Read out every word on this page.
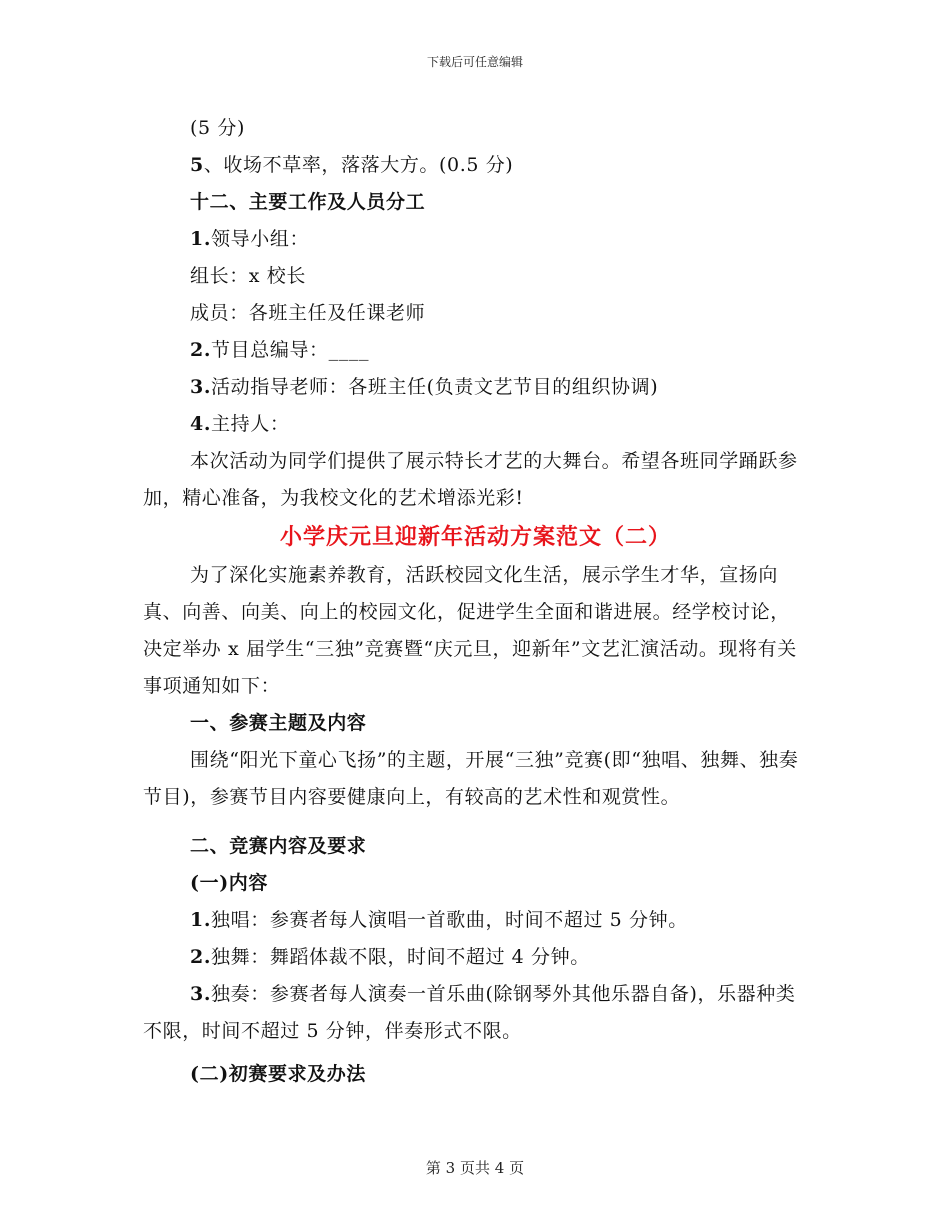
下载后可任意编辑

(5 分)

5、收场不草率，落落大方。(0.5 分)

十二、主要工作及人员分工

1.领导小组：

组长：x 校长

成员：各班主任及任课老师

2.节目总编导：____

3.活动指导老师：各班主任(负责文艺节目的组织协调)

4.主持人：

本次活动为同学们提供了展示特长才艺的大舞台。希望各班同学踊跃参加，精心准备，为我校文化的艺术增添光彩!

小学庆元旦迎新年活动方案范文（二）

为了深化实施素养教育，活跃校园文化生活，展示学生才华，宣扬向真、向善、向美、向上的校园文化，促进学生全面和谐进展。经学校讨论，决定举办 x 届学生“三独”竞赛暨“庆元旦，迎新年”文艺汇演活动。现将有关事项通知如下：

一、参赛主题及内容

围绕“阳光下童心飞扬”的主题，开展“三独”竞赛(即“独唱、独舞、独奏节目)，参赛节目内容要健康向上，有较高的艺术性和观赏性。

二、竞赛内容及要求

(一)内容

1.独唱：参赛者每人演唱一首歌曲，时间不超过 5 分钟。

2.独舞：舞蹈体裁不限，时间不超过 4 分钟。

3.独奏：参赛者每人演奏一首乐曲(除钢琴外其他乐器自备)，乐器种类不限，时间不超过 5 分钟，伴奏形式不限。

(二)初赛要求及办法

第 3 页共 4 页
